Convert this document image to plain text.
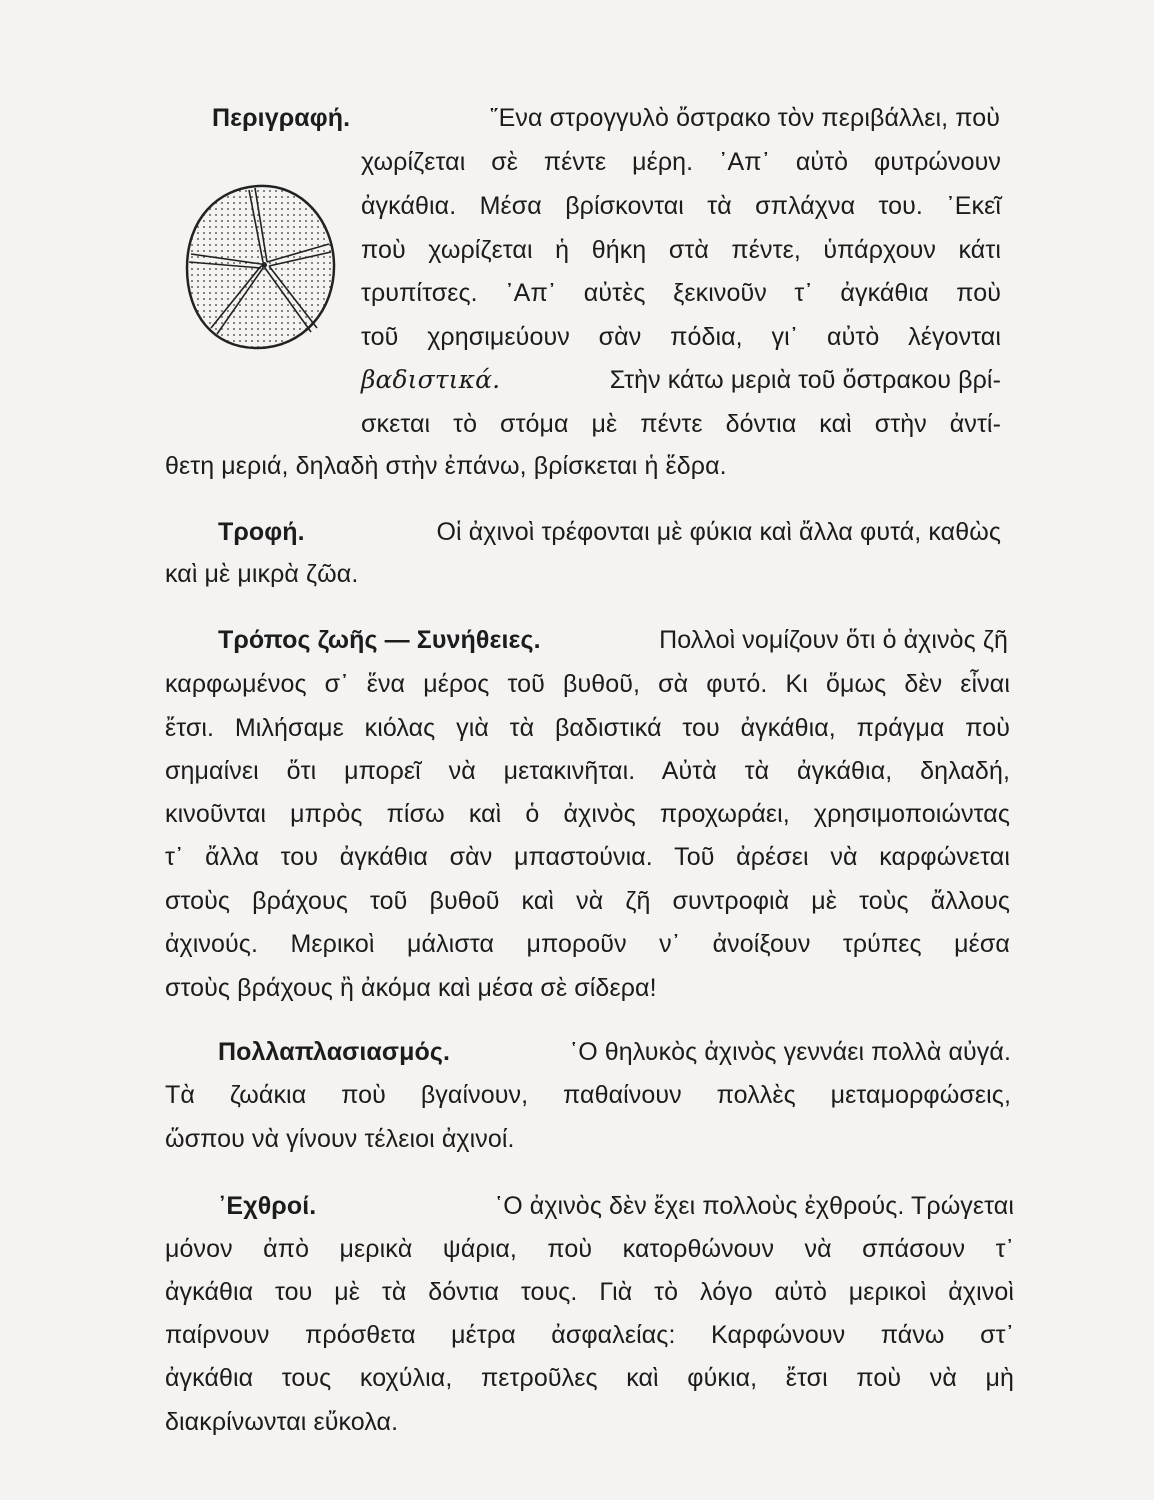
Περιγραφή.	῞Ενα στρογγυλὸ ὄστρακο τὸν περιβάλλει, ποὺ
χωρίζεται σὲ πέντε μέρη. ᾿Απ᾿ αὐτὸ φυτρώνουν
ἀγκάθια. Μέσα βρίσκονται τὰ σπλάχνα του. ᾿Εκεῖ
ποὺ χωρίζεται ἡ θήκη στὰ πέντε, ὑπάρχουν κάτι
τρυπίτσες. ᾿Απ᾿ αὐτὲς ξεκινοῦν τ᾿ ἀγκάθια ποὺ
τοῦ χρησιμεύουν σὰν πόδια, γι᾿ αὐτὸ λέγονται
βαδιστικά.	Στὴν κάτω μεριὰ τοῦ ὄστρακου βρί-
σκεται τὸ στόμα μὲ πέντε δόντια καὶ στὴν ἀντί-
θετη μεριά, δηλαδὴ στὴν ἐπάνω, βρίσκεται ἡ ἕδρα.
Τροφή.	Οἱ ἀχινοὶ τρέφονται μὲ φύκια καὶ ἄλλα φυτά, καθὼς
καὶ μὲ μικρὰ ζῶα.
Τρόπος ζωῆς — Συνήθειες.	Πολλοὶ νομίζουν ὅτι ὁ ἀχινὸς ζῆ
καρφωμένος σ᾿ ἕνα μέρος τοῦ βυθοῦ, σὰ φυτό. Κι ὅμως δὲν εἶναι
ἔτσι. Μιλήσαμε κιόλας γιὰ τὰ βαδιστικά του ἀγκάθια, πράγμα ποὺ
σημαίνει ὅτι μπορεῖ νὰ μετακινῆται. Αὐτὰ τὰ ἀγκάθια, δηλαδή,
κινοῦνται μπρὸς πίσω καὶ ὁ ἀχινὸς προχωράει, χρησιμοποιώντας
τ᾿ ἄλλα του ἀγκάθια σὰν μπαστούνια. Τοῦ ἀρέσει νὰ καρφώνεται
στοὺς βράχους τοῦ βυθοῦ καὶ νὰ ζῆ συντροφιὰ μὲ τοὺς ἄλλους
ἀχινούς. Μερικοὶ μάλιστα μποροῦν ν᾿ ἀνοίξουν τρύπες μέσα
στοὺς βράχους ἢ ἀκόμα καὶ μέσα σὲ σίδερα!
Πολλαπλασιασμός.	῾Ο θηλυκὸς ἀχινὸς γεννάει πολλὰ αὐγά.
Τὰ ζωάκια ποὺ βγαίνουν, παθαίνουν πολλὲς μεταμορφώσεις,
ὥσπου νὰ γίνουν τέλειοι ἀχινοί.
᾿Εχθροί.	῾Ο ἀχινὸς δὲν ἔχει πολλοὺς ἐχθρούς. Τρώγεται
μόνον ἀπὸ μερικὰ ψάρια, ποὺ κατορθώνουν νὰ σπάσουν τ᾿
ἀγκάθια του μὲ τὰ δόντια τους. Γιὰ τὸ λόγο αὐτὸ μερικοὶ ἀχινοὶ
παίρνουν πρόσθετα μέτρα ἀσφαλείας: Καρφώνουν πάνω στ᾿
ἀγκάθια τους κοχύλια, πετροῦλες καὶ φύκια, ἔτσι ποὺ νὰ μὴ
διακρίνωνται εὔκολα.
